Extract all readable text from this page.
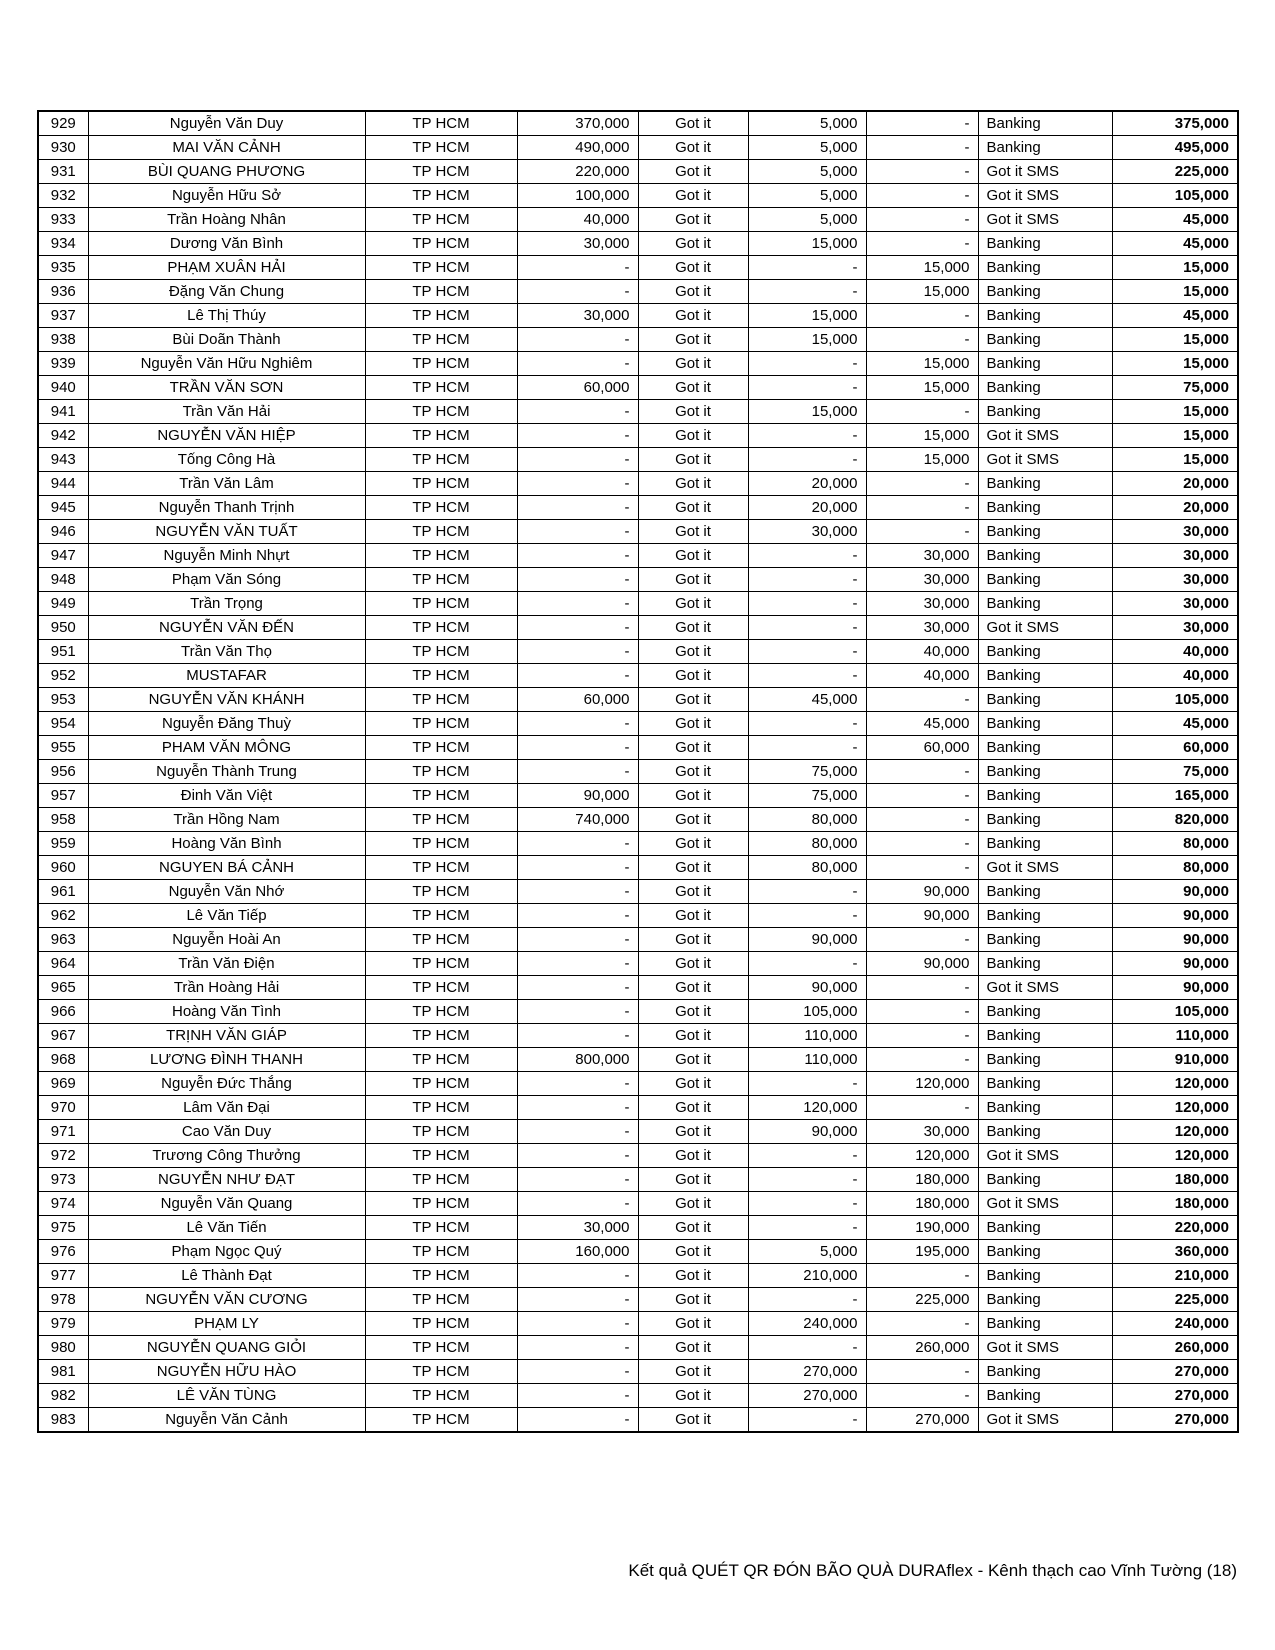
929	Nguyễn Văn Duy	TP HCM	370,000	Got it	5,000	-	Banking	375,000
930	MAI VĂN CẢNH	TP HCM	490,000	Got it	5,000	-	Banking	495,000
931	BÙI QUANG PHƯƠNG	TP HCM	220,000	Got it	5,000	-	Got it SMS	225,000
932	Nguyễn Hữu Sở	TP HCM	100,000	Got it	5,000	-	Got it SMS	105,000
933	Trần Hoàng Nhân	TP HCM	40,000	Got it	5,000	-	Got it SMS	45,000
934	Dương Văn Bình	TP HCM	30,000	Got it	15,000	-	Banking	45,000
935	PHẠM XUÂN HẢI	TP HCM	-	Got it	-	15,000	Banking	15,000
936	Đặng Văn Chung	TP HCM	-	Got it	-	15,000	Banking	15,000
937	Lê Thị Thúy	TP HCM	30,000	Got it	15,000	-	Banking	45,000
938	Bùi Doãn Thành	TP HCM	-	Got it	15,000	-	Banking	15,000
939	Nguyễn Văn Hữu Nghiêm	TP HCM	-	Got it	-	15,000	Banking	15,000
940	TRẦN VĂN SƠN	TP HCM	60,000	Got it	-	15,000	Banking	75,000
941	Trần Văn Hải	TP HCM	-	Got it	15,000	-	Banking	15,000
942	NGUYỄN VĂN HIỆP	TP HCM	-	Got it	-	15,000	Got it SMS	15,000
943	Tống Công Hà	TP HCM	-	Got it	-	15,000	Got it SMS	15,000
944	Trần Văn Lâm	TP HCM	-	Got it	20,000	-	Banking	20,000
945	Nguyễn Thanh Trịnh	TP HCM	-	Got it	20,000	-	Banking	20,000
946	NGUYỄN VĂN TUẤT	TP HCM	-	Got it	30,000	-	Banking	30,000
947	Nguyễn Minh Nhựt	TP HCM	-	Got it	-	30,000	Banking	30,000
948	Phạm Văn Sóng	TP HCM	-	Got it	-	30,000	Banking	30,000
949	Trần Trọng	TP HCM	-	Got it	-	30,000	Banking	30,000
950	NGUYỄN VĂN ĐẾN	TP HCM	-	Got it	-	30,000	Got it SMS	30,000
951	Trần Văn Thọ	TP HCM	-	Got it	-	40,000	Banking	40,000
952	MUSTAFAR	TP HCM	-	Got it	-	40,000	Banking	40,000
953	NGUYỄN VĂN KHÁNH	TP HCM	60,000	Got it	45,000	-	Banking	105,000
954	Nguyễn Đăng Thuỳ	TP HCM	-	Got it	-	45,000	Banking	45,000
955	PHAM VĂN MÔNG	TP HCM	-	Got it	-	60,000	Banking	60,000
956	Nguyễn Thành Trung	TP HCM	-	Got it	75,000	-	Banking	75,000
957	Đinh Văn Việt	TP HCM	90,000	Got it	75,000	-	Banking	165,000
958	Trần Hồng Nam	TP HCM	740,000	Got it	80,000	-	Banking	820,000
959	Hoàng Văn Bình	TP HCM	-	Got it	80,000	-	Banking	80,000
960	NGUYEN BÁ CẢNH	TP HCM	-	Got it	80,000	-	Got it SMS	80,000
961	Nguyễn Văn Nhớ	TP HCM	-	Got it	-	90,000	Banking	90,000
962	Lê Văn Tiếp	TP HCM	-	Got it	-	90,000	Banking	90,000
963	Nguyễn Hoài An	TP HCM	-	Got it	90,000	-	Banking	90,000
964	Trần Văn Điện	TP HCM	-	Got it	-	90,000	Banking	90,000
965	Trần Hoàng Hải	TP HCM	-	Got it	90,000	-	Got it SMS	90,000
966	Hoàng Văn Tình	TP HCM	-	Got it	105,000	-	Banking	105,000
967	TRỊNH VĂN GIÁP	TP HCM	-	Got it	110,000	-	Banking	110,000
968	LƯƠNG ĐÌNH THANH	TP HCM	800,000	Got it	110,000	-	Banking	910,000
969	Nguyễn Đức Thắng	TP HCM	-	Got it	-	120,000	Banking	120,000
970	Lâm Văn Đại	TP HCM	-	Got it	120,000	-	Banking	120,000
971	Cao Văn Duy	TP HCM	-	Got it	90,000	30,000	Banking	120,000
972	Trương Công Thưởng	TP HCM	-	Got it	-	120,000	Got it SMS	120,000
973	NGUYỄN NHƯ ĐẠT	TP HCM	-	Got it	-	180,000	Banking	180,000
974	Nguyễn Văn Quang	TP HCM	-	Got it	-	180,000	Got it SMS	180,000
975	Lê Văn Tiến	TP HCM	30,000	Got it	-	190,000	Banking	220,000
976	Phạm Ngọc Quý	TP HCM	160,000	Got it	5,000	195,000	Banking	360,000
977	Lê Thành Đạt	TP HCM	-	Got it	210,000	-	Banking	210,000
978	NGUYỄN VĂN CƯƠNG	TP HCM	-	Got it	-	225,000	Banking	225,000
979	PHẠM LY	TP HCM	-	Got it	240,000	-	Banking	240,000
980	NGUYỄN QUANG GIỎI	TP HCM	-	Got it	-	260,000	Got it SMS	260,000
981	NGUYỄN HỮU HÀO	TP HCM	-	Got it	270,000	-	Banking	270,000
982	LÊ VĂN TÙNG	TP HCM	-	Got it	270,000	-	Banking	270,000
983	Nguyễn Văn Cảnh	TP HCM	-	Got it	-	270,000	Got it SMS	270,000
Kết quả QUÉT QR ĐÓN BÃO QUÀ DURAflex - Kênh thạch cao Vĩnh Tường (18)
